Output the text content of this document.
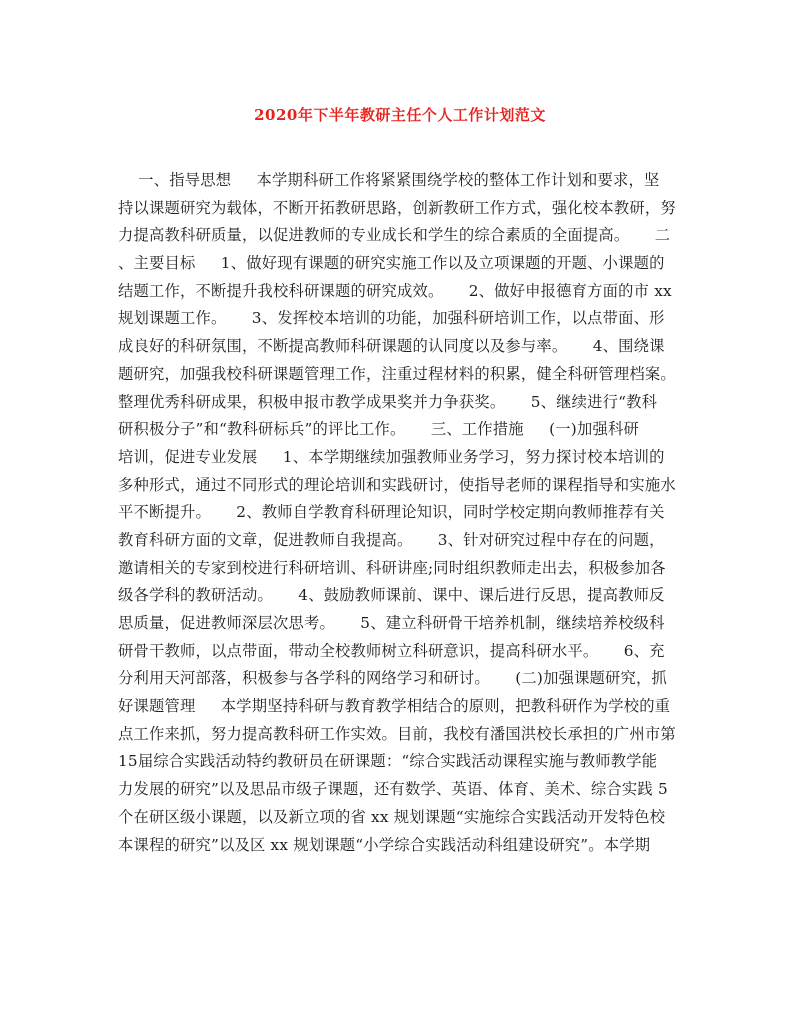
2020年下半年教研主任个人工作计划范文
一、指导思想     本学期科研工作将紧紧围绕学校的整体工作计划和要求，坚
持以课题研究为载体，不断开拓教研思路，创新教研工作方式，强化校本教研，努
力提高教科研质量，以促进教师的专业成长和学生的综合素质的全面提高。     二
、主要目标     1、做好现有课题的研究实施工作以及立项课题的开题、小课题的
结题工作，不断提升我校科研课题的研究成效。     2、做好申报德育方面的市 xx
规划课题工作。     3、发挥校本培训的功能，加强科研培训工作，以点带面、形
成良好的科研氛围，不断提高教师科研课题的认同度以及参与率。     4、围绕课
题研究，加强我校科研课题管理工作，注重过程材料的积累，健全科研管理档案。
整理优秀科研成果，积极申报市教学成果奖并力争获奖。     5、继续进行“教科
研积极分子”和“教科研标兵”的评比工作。     三、工作措施     (一)加强科研
培训，促进专业发展     1、本学期继续加强教师业务学习，努力探讨校本培训的
多种形式，通过不同形式的理论培训和实践研讨，使指导老师的课程指导和实施水
平不断提升。     2、教师自学教育科研理论知识，同时学校定期向教师推荐有关
教育科研方面的文章，促进教师自我提高。     3、针对研究过程中存在的问题，
邀请相关的专家到校进行科研培训、科研讲座;同时组织教师走出去，积极参加各
级各学科的教研活动。     4、鼓励教师课前、课中、课后进行反思，提高教师反
思质量，促进教师深层次思考。     5、建立科研骨干培养机制，继续培养校级科
研骨干教师，以点带面，带动全校教师树立科研意识，提高科研水平。     6、充
分利用天河部落，积极参与各学科的网络学习和研讨。     (二)加强课题研究，抓
好课题管理     本学期坚持科研与教育教学相结合的原则，把教科研作为学校的重
点工作来抓，努力提高教科研工作实效。目前，我校有潘国洪校长承担的广州市第
15届综合实践活动特约教研员在研课题：“综合实践活动课程实施与教师教学能
力发展的研究”以及思品市级子课题，还有数学、英语、体育、美术、综合实践 5
个在研区级小课题，以及新立项的省 xx 规划课题“实施综合实践活动开发特色校
本课程的研究”以及区 xx 规划课题“小学综合实践活动科组建设研究”。本学期
